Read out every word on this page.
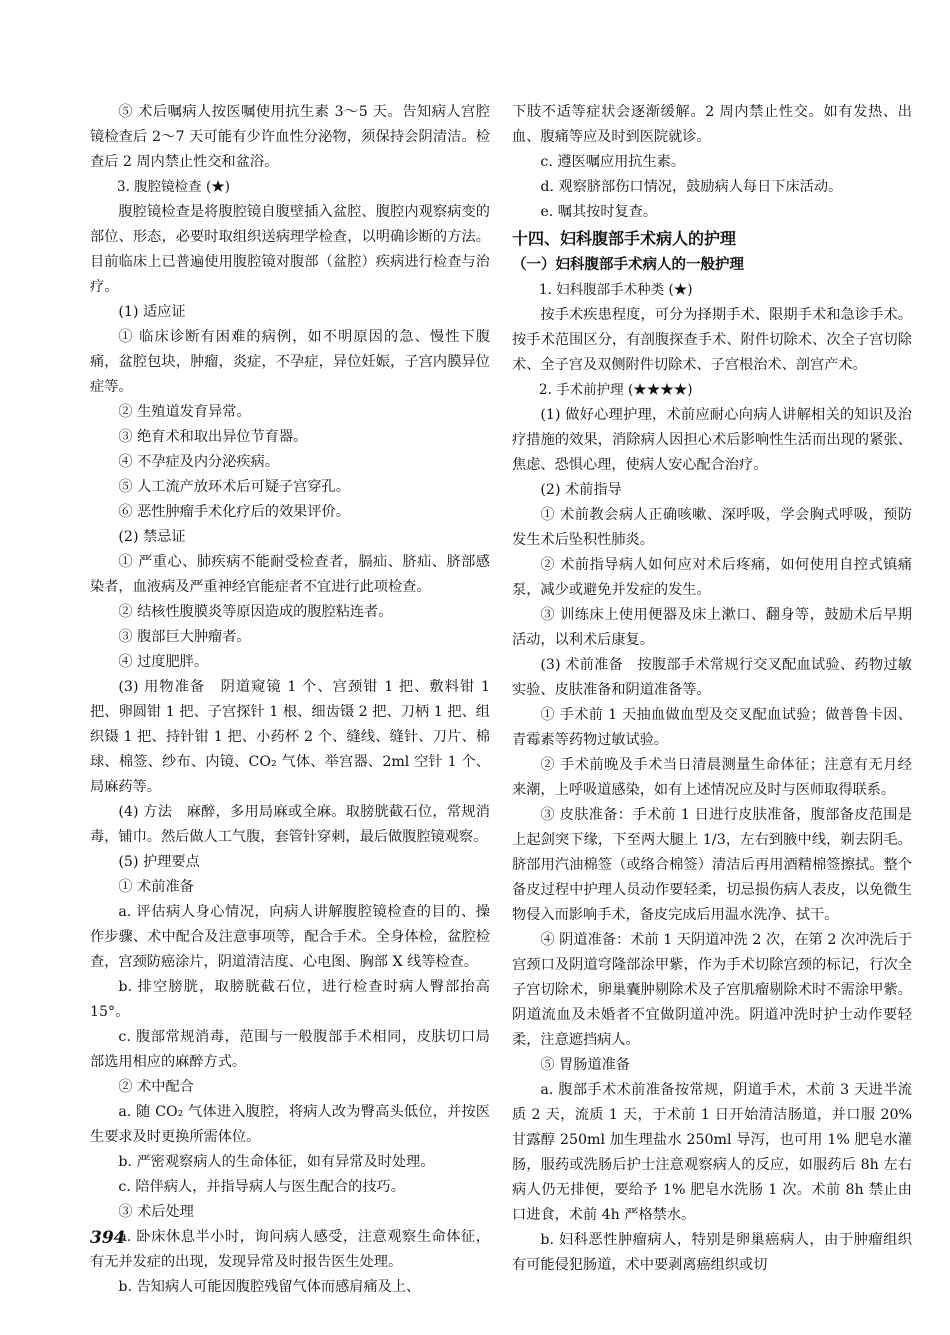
⑤ 术后嘱病人按医嘱使用抗生素 3～5 天。告知病人宫腔镜检查后 2～7 天可能有少许血性分泌物，须保持会阴清洁。检查后 2 周内禁止性交和盆浴。

3. 腹腔镜检查 (★)

腹腔镜检查是将腹腔镜自腹壁插入盆腔、腹腔内观察病变的部位、形态，必要时取组织送病理学检查，以明确诊断的方法。目前临床上已普遍使用腹腔镜对腹部（盆腔）疾病进行检查与治疗。

(1) 适应证

① 临床诊断有困难的病例，如不明原因的急、慢性下腹痛，盆腔包块，肿瘤，炎症，不孕症，异位妊娠，子宫内膜异位症等。

② 生殖道发育异常。

③ 绝育术和取出异位节育器。

④ 不孕症及内分泌疾病。

⑤ 人工流产放环术后可疑子宫穿孔。

⑥ 恶性肿瘤手术化疗后的效果评价。

(2) 禁忌证

① 严重心、肺疾病不能耐受检查者，膈疝、脐疝、脐部感染者，血液病及严重神经官能症者不宜进行此项检查。

② 结核性腹膜炎等原因造成的腹腔粘连者。

③ 腹部巨大肿瘤者。

④ 过度肥胖。

(3) 用物准备　阴道窥镜 1 个、宫颈钳 1 把、敷料钳 1 把、卵圆钳 1 把、子宫探针 1 根、细齿镊 2 把、刀柄 1 把、组织镊 1 把、持针钳 1 把、小药杯 2 个、缝线、缝针、刀片、棉球、棉签、纱布、内镜、CO₂ 气体、举宫器、2ml 空针 1 个、局麻药等。

(4) 方法　麻醉，多用局麻或全麻。取膀胱截石位，常规消毒，铺巾。然后做人工气腹，套管针穿刺，最后做腹腔镜观察。

(5) 护理要点

① 术前准备

a. 评估病人身心情况，向病人讲解腹腔镜检查的目的、操作步骤、术中配合及注意事项等，配合手术。全身体检，盆腔检查，宫颈防癌涂片，阴道清洁度、心电图、胸部 X 线等检查。

b. 排空膀胱，取膀胱截石位，进行检查时病人臀部抬高 15°。

c. 腹部常规消毒，范围与一般腹部手术相同，皮肤切口局部选用相应的麻醉方式。

② 术中配合

a. 随 CO₂ 气体进入腹腔，将病人改为臀高头低位，并按医生要求及时更换所需体位。

b. 严密观察病人的生命体征，如有异常及时处理。

c. 陪伴病人，并指导病人与医生配合的技巧。

③ 术后处理

a. 卧床休息半小时，询问病人感受，注意观察生命体征，有无并发症的出现，发现异常及时报告医生处理。

b. 告知病人可能因腹腔残留气体而感肩痛及上、

下肢不适等症状会逐渐缓解。2 周内禁止性交。如有发热、出血、腹痛等应及时到医院就诊。

c. 遵医嘱应用抗生素。

d. 观察脐部伤口情况，鼓励病人每日下床活动。

e. 嘱其按时复查。

十四、妇科腹部手术病人的护理

（一）妇科腹部手术病人的一般护理

1. 妇科腹部手术种类 (★)

按手术疾患程度，可分为择期手术、限期手术和急诊手术。按手术范围区分，有剖腹探查手术、附件切除术、次全子宫切除术、全子宫及双侧附件切除术、子宫根治术、剖宫产术。

2. 手术前护理 (★★★★)

(1) 做好心理护理，术前应耐心向病人讲解相关的知识及治疗措施的效果，消除病人因担心术后影响性生活而出现的紧张、焦虑、恐惧心理，使病人安心配合治疗。

(2) 术前指导

① 术前教会病人正确咳嗽、深呼吸，学会胸式呼吸，预防发生术后坠积性肺炎。

② 术前指导病人如何应对术后疼痛，如何使用自控式镇痛泵，减少或避免并发症的发生。

③ 训练床上使用便器及床上漱口、翻身等，鼓励术后早期活动，以利术后康复。

(3) 术前准备　按腹部手术常规行交叉配血试验、药物过敏实验、皮肤准备和阴道准备等。

① 手术前 1 天抽血做血型及交叉配血试验；做普鲁卡因、青霉素等药物过敏试验。

② 手术前晚及手术当日清晨测量生命体征；注意有无月经来潮，上呼吸道感染，如有上述情况应及时与医师取得联系。

③ 皮肤准备：手术前 1 日进行皮肤准备，腹部备皮范围是上起剑突下缘，下至两大腿上 1/3，左右到腋中线，剃去阴毛。脐部用汽油棉签（或络合棉签）清洁后再用酒精棉签擦拭。整个备皮过程中护理人员动作要轻柔，切忌损伤病人表皮，以免微生物侵入而影响手术，备皮完成后用温水洗净、拭干。

④ 阴道准备：术前 1 天阴道冲洗 2 次，在第 2 次冲洗后于宫颈口及阴道穹隆部涂甲紫，作为手术切除宫颈的标记，行次全子宫切除术，卵巢囊肿剔除术及子宫肌瘤剔除术时不需涂甲紫。阴道流血及未婚者不宜做阴道冲洗。阴道冲洗时护士动作要轻柔，注意遮挡病人。

⑤ 胃肠道准备

a. 腹部手术术前准备按常规，阴道手术，术前 3 天进半流质 2 天，流质 1 天，于术前 1 日开始清洁肠道，并口服 20% 甘露醇 250ml 加生理盐水 250ml 导泻，也可用 1% 肥皂水灌肠，服药或洗肠后护士注意观察病人的反应，如服药后 8h 左右病人仍无排便，要给予 1% 肥皂水洗肠 1 次。术前 8h 禁止由口进食，术前 4h 严格禁水。

b. 妇科恶性肿瘤病人，特别是卵巢癌病人，由于肿瘤组织有可能侵犯肠道，术中要剥离癌组织或切

394
